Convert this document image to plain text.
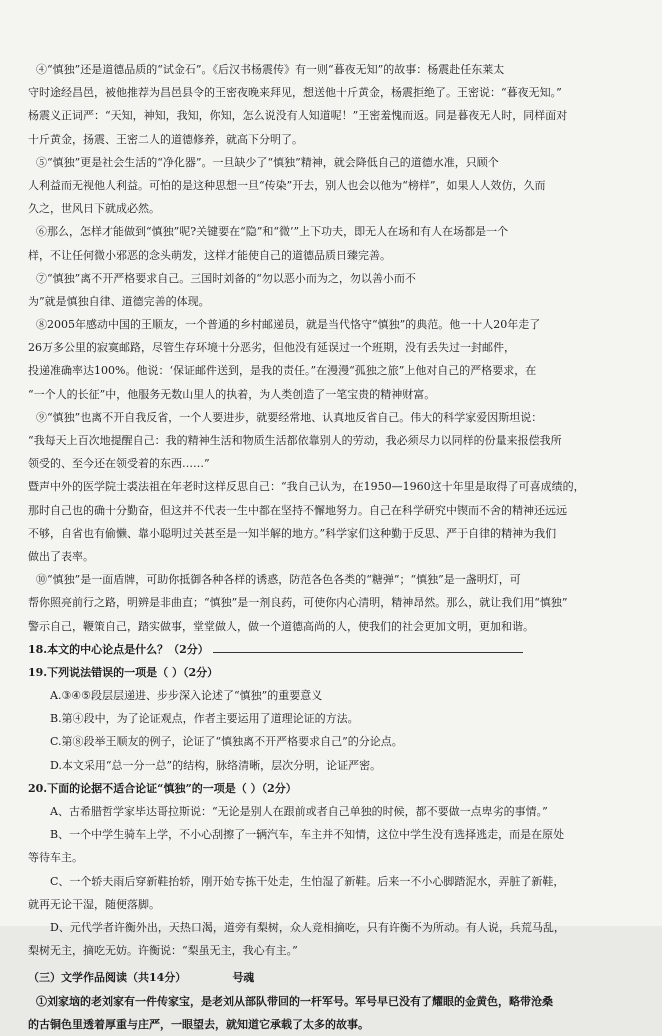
④“慎独”还是道德品质的“试金石”。《后汉书杨震传》有一则“暮夜无知”的故事：杨震赴任东莱太
守时途经昌邑，被他推荐为昌邑县令的王密夜晚来拜见，想送他十斤黄金，杨震拒绝了。王密说：“暮夜无知。”
杨震义正词严：“天知，神知，我知，你知，怎么说没有人知道呢！”王密羞愧而返。同是暮夜无人时，同样面对
十斤黄金，扬震、王密二人的道德修养，就高下分明了。
⑤“慎独”更是社会生活的“净化器”。一旦缺少了“慎独”精神，就会降低自己的道德水准，只顾个
人利益而无视他人利益。可怕的是这种思想一旦“传染”开去，别人也会以他为“榜样”，如果人人效仿，久而
久之，世风日下就成必然。
⑥那么，怎样才能做到“慎独”呢?关键要在“隐”和“微’”上下功夫，即无人在场和有人在场都是一个
样，不让任何微小邪恶的念头萌发，这样才能使自己的道德品质日臻完善。
⑦“慎独”离不开严格要求自己。三国时刘备的“勿以恶小而为之，勿以善小而不
为”就是慎独自律、道德完善的体现。
⑧2005年感动中国的王顺友，一个普通的乡村邮递员，就是当代恪守“慎独”的典范。他一十人20年走了
26万多公里的寂寞邮路，尽管生存环境十分恶劣，但他没有延误过一个班期，没有丢失过一封邮件，
投递准确率达100%。他说：‘保证邮件送到，是我的责任。”在漫漫“孤独之旅”上他对自己的严格要求，在
“一个人的长征”中，他服务无数山里人的执着，为人类创造了一笔宝贵的精神财富。
⑨“慎独”也离不开自我反省，一个人要进步，就要经常地、认真地反省自己。伟大的科学家爱因斯坦说：
“我每天上百次地提醒自己：我的精神生活和物质生活都依靠别人的劳动，我必须尽力以同样的份量来报偿我所
领受的、至今还在领受着的东西……”
暨声中外的医学院士裘法祖在年老时这样反思自己：“我自己认为，在1950—1960这十年里是取得了可喜成绩的，
那时自己也的确十分勤奋，但这并不代表一生中都在坚持不懈地努力。自己在科学研究中锲而不舍的精神还远远
不够，自省也有偷懒、靠小聪明过关甚至是一知半解的地方。”科学家们这种勤于反思、严于自律的精神为我们
做出了表率。
⑩“慎独”是一面盾牌，可助你抵御各种各样的诱惑，防范各色各类的“糖弹”；“慎独”是一盏明灯，可
帮你照亮前行之路，明辨是非曲直；“慎独”是一剂良药，可使你内心清明，精神昂然。那么，就让我们用“慎独”
警示自己，鞭策自己，踏实做事，堂堂做人，做一个道德高尚的人，使我们的社会更加文明，更加和谐。
18.本文的中心论点是什么？（2分）
19.下列说法错误的一项是（ ）（2分）
A.③④⑤段层层递进、步步深入论述了“慎独”的重要意义
B.第④段中，为了论证观点，作者主要运用了道理论证的方法。
C.第⑧段举王顺友的例子，论证了“慎独离不开严格要求自己”的分论点。
D.本文采用“总一分一总”的结构，脉络清晰，层次分明，论证严密。
20.下面的论据不适合论证“慎独”的一项是（ ）（2分）
A、古希腊哲学家毕达哥拉斯说：“无论是别人在跟前或者自己单独的时候，都不要做一点卑劣的事情。”
B、一个中学生骑车上学，不小心刮擦了一辆汽车，车主并不知情，这位中学生没有选择逃走，而是在原处
等待车主。
C、一个轿夫雨后穿新鞋抬轿，刚开始专拣干处走，生怕湿了新鞋。后来一不小心脚踏泥水，弄脏了新鞋，
就再无论干湿，随便落脚。
D、元代学者许衡外出，天热口渴，道旁有梨树，众人竞相摘吃，只有许衡不为所动。有人说，兵荒马乱，
梨树无主，摘吃无妨。许衡说：“梨虽无主，我心有主。”
（三）文学作品阅读（共14分）	号魂
①刘家垴的老刘家有一件传家宝，是老刘从部队带回的一杆军号。军号早已没有了耀眼的金黄色，略带沧桑
的古铜色里透着厚重与庄严，一眼望去，就知道它承载了太多的故事。
